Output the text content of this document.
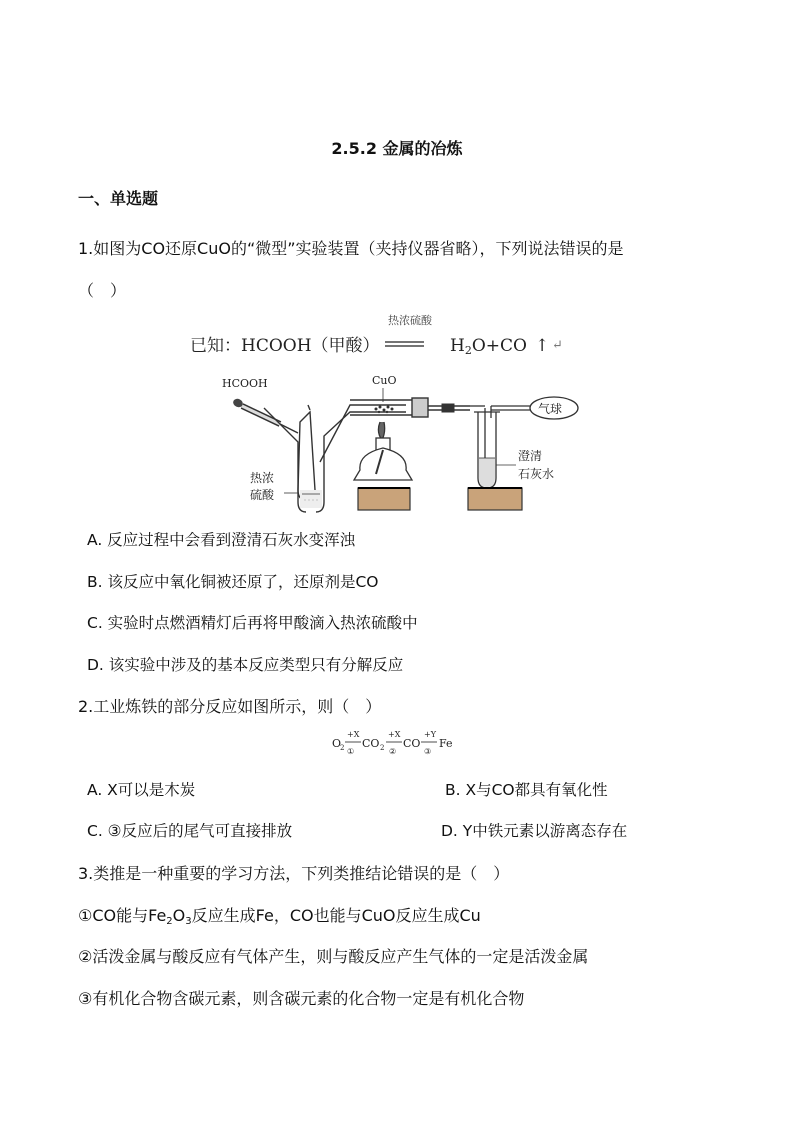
2.5.2 金属的冶炼
一、单选题
1.如图为CO还原CuO的“微型”实验装置（夹持仪器省略），下列说法错误的是
（　）
热浓硫酸
已知：HCOOH（甲酸）	H2O+CO ↑ ↵
HCOOH
热浓
硫酸
CuO
澄清
石灰水
气球
A. 反应过程中会看到澄清石灰水变浑浊
B. 该反应中氧化铜被还原了，还原剂是CO
C. 实验时点燃酒精灯后再将甲酸滴入热浓硫酸中
D. 该实验中涉及的基本反应类型只有分解反应
2.工业炼铁的部分反应如图所示，则（　）
O
2
+X
①
CO 2
+X
②
CO
+Y
③
Fe
A. X可以是木炭	B. X与CO都具有氧化性
C. ③反应后的尾气可直接排放	D. Y中铁元素以游离态存在
3.类推是一种重要的学习方法，下列类推结论错误的是（　）
①CO能与$Fe_2O_3$反应生成Fe，CO也能与CuO反应生成Cu
②活泼金属与酸反应有气体产生，则与酸反应产生气体的一定是活泼金属
③有机化合物含碳元素，则含碳元素的化合物一定是有机化合物
